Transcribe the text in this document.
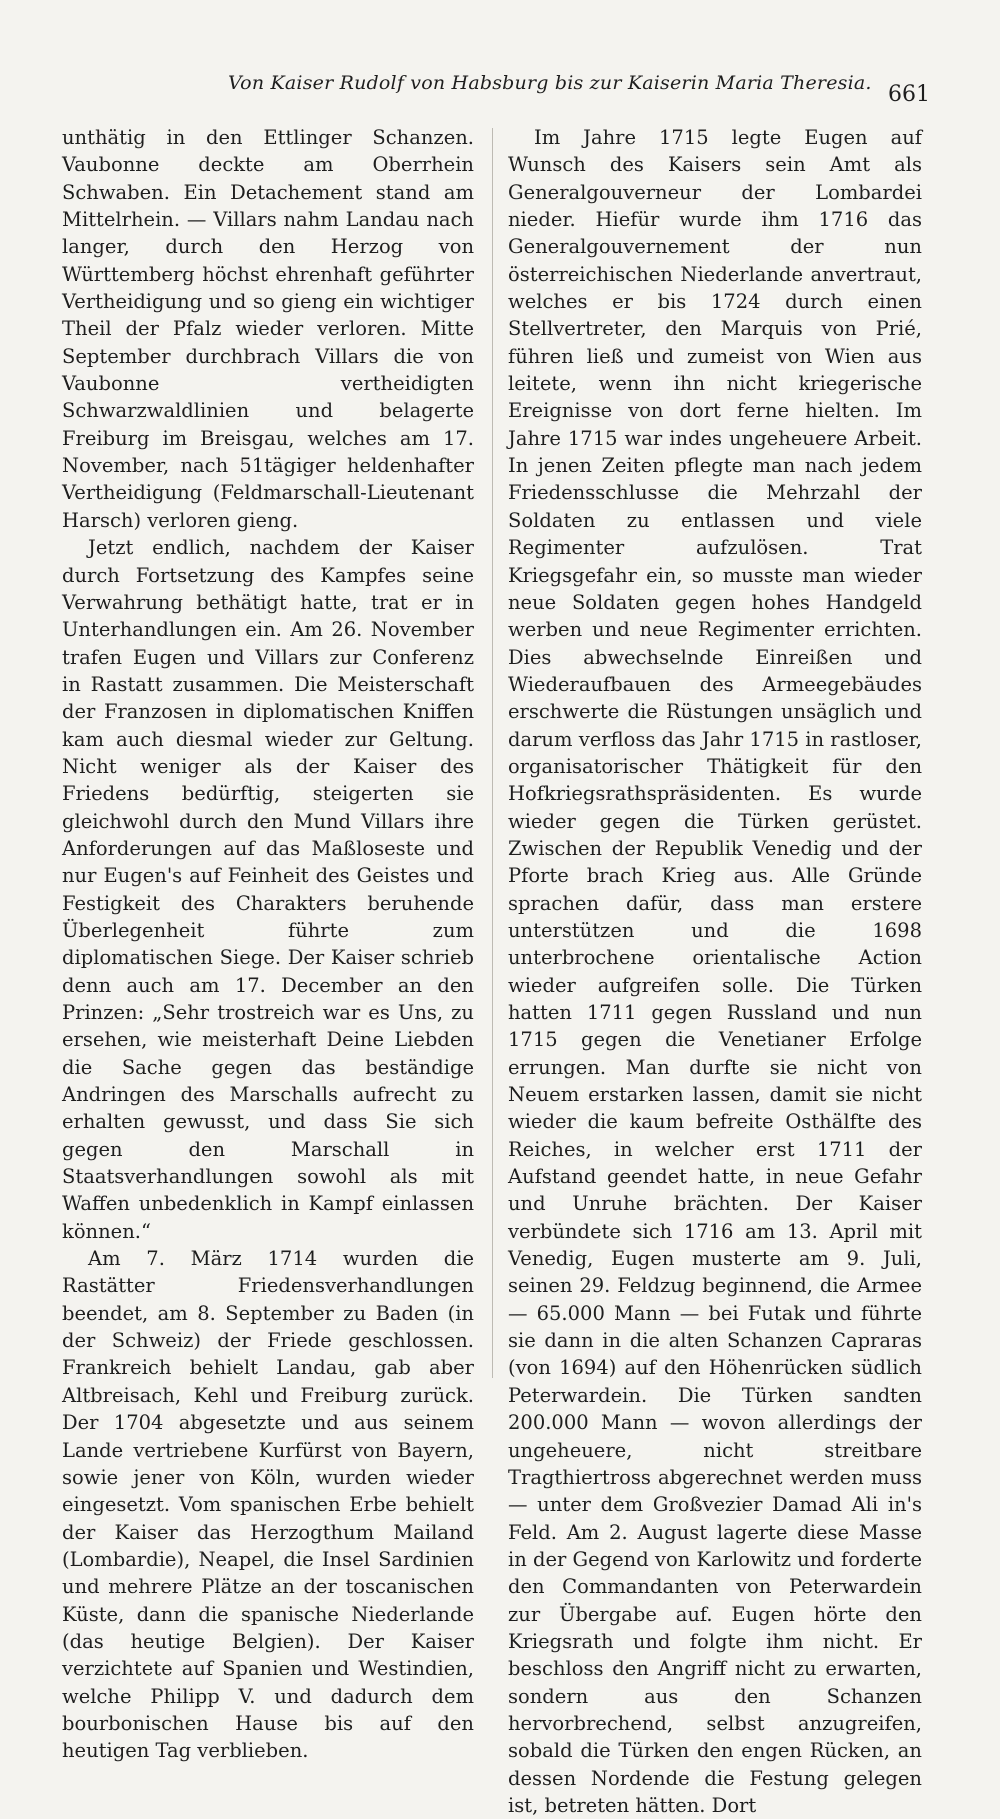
Von Kaiser Rudolf von Habsburg bis zur Kaiserin Maria Theresia. 661

unthätig in den Ettlinger Schanzen. Vaubonne deckte am Oberrhein Schwaben. Ein Detachement stand am Mittelrhein. — Villars nahm Landau nach langer, durch den Herzog von Württemberg höchst ehrenhaft geführter Vertheidigung und so gieng ein wichtiger Theil der Pfalz wieder verloren. Mitte September durchbrach Villars die von Vaubonne vertheidigten Schwarzwaldlinien und belagerte Freiburg im Breisgau, welches am 17. November, nach 51tägiger heldenhafter Vertheidigung (Feldmarschall-Lieutenant Harsch) verloren gieng.

Jetzt endlich, nachdem der Kaiser durch Fortsetzung des Kampfes seine Verwahrung bethätigt hatte, trat er in Unterhandlungen ein. Am 26. November trafen Eugen und Villars zur Conferenz in Rastatt zusammen. Die Meisterschaft der Franzosen in diplomatischen Kniffen kam auch diesmal wieder zur Geltung. Nicht weniger als der Kaiser des Friedens bedürftig, steigerten sie gleichwohl durch den Mund Villars ihre Anforderungen auf das Maßloseste und nur Eugen's auf Feinheit des Geistes und Festigkeit des Charakters beruhende Überlegenheit führte zum diplomatischen Siege. Der Kaiser schrieb denn auch am 17. December an den Prinzen: „Sehr trostreich war es Uns, zu ersehen, wie meisterhaft Deine Liebden die Sache gegen das beständige Andringen des Marschalls aufrecht zu erhalten gewusst, und dass Sie sich gegen den Marschall in Staatsverhandlungen sowohl als mit Waffen unbedenklich in Kampf einlassen können.“

Am 7. März 1714 wurden die Rastätter Friedensverhandlungen beendet, am 8. September zu Baden (in der Schweiz) der Friede geschlossen. Frankreich behielt Landau, gab aber Altbreisach, Kehl und Freiburg zurück. Der 1704 abgesetzte und aus seinem Lande vertriebene Kurfürst von Bayern, sowie jener von Köln, wurden wieder eingesetzt. Vom spanischen Erbe behielt der Kaiser das Herzogthum Mailand (Lombardie), Neapel, die Insel Sardinien und mehrere Plätze an der toscanischen Küste, dann die spanische Niederlande (das heutige Belgien). Der Kaiser verzichtete auf Spanien und Westindien, welche Philipp V. und dadurch dem bourbonischen Hause bis auf den heutigen Tag verblieben.

Im Jahre 1715 legte Eugen auf Wunsch des Kaisers sein Amt als Generalgouverneur der Lombardei nieder. Hiefür wurde ihm 1716 das Generalgouvernement der nun österreichischen Niederlande anvertraut, welches er bis 1724 durch einen Stellvertreter, den Marquis von Prié, führen ließ und zumeist von Wien aus leitete, wenn ihn nicht kriegerische Ereignisse von dort ferne hielten. Im Jahre 1715 war indes ungeheuere Arbeit. In jenen Zeiten pflegte man nach jedem Friedensschlusse die Mehrzahl der Soldaten zu entlassen und viele Regimenter aufzulösen. Trat Kriegsgefahr ein, so musste man wieder neue Soldaten gegen hohes Handgeld werben und neue Regimenter errichten. Dies abwechselnde Einreißen und Wiederaufbauen des Armeegebäudes erschwerte die Rüstungen unsäglich und darum verfloss das Jahr 1715 in rastloser, organisatorischer Thätigkeit für den Hofkriegsrathspräsidenten. Es wurde wieder gegen die Türken gerüstet. Zwischen der Republik Venedig und der Pforte brach Krieg aus. Alle Gründe sprachen dafür, dass man erstere unterstützen und die 1698 unterbrochene orientalische Action wieder aufgreifen solle. Die Türken hatten 1711 gegen Russland und nun 1715 gegen die Venetianer Erfolge errungen. Man durfte sie nicht von Neuem erstarken lassen, damit sie nicht wieder die kaum befreite Osthälfte des Reiches, in welcher erst 1711 der Aufstand geendet hatte, in neue Gefahr und Unruhe brächten. Der Kaiser verbündete sich 1716 am 13. April mit Venedig, Eugen musterte am 9. Juli, seinen 29. Feldzug beginnend, die Armee — 65.000 Mann — bei Futak und führte sie dann in die alten Schanzen Capraras (von 1694) auf den Höhenrücken südlich Peterwardein. Die Türken sandten 200.000 Mann — wovon allerdings der ungeheuere, nicht streitbare Tragthiertross abgerechnet werden muss — unter dem Großvezier Damad Ali in's Feld. Am 2. August lagerte diese Masse in der Gegend von Karlowitz und forderte den Commandanten von Peterwardein zur Übergabe auf. Eugen hörte den Kriegsrath und folgte ihm nicht. Er beschloss den Angriff nicht zu erwarten, sondern aus den Schanzen hervorbrechend, selbst anzugreifen, sobald die Türken den engen Rücken, an dessen Nordende die Festung gelegen ist, betreten hätten. Dort
